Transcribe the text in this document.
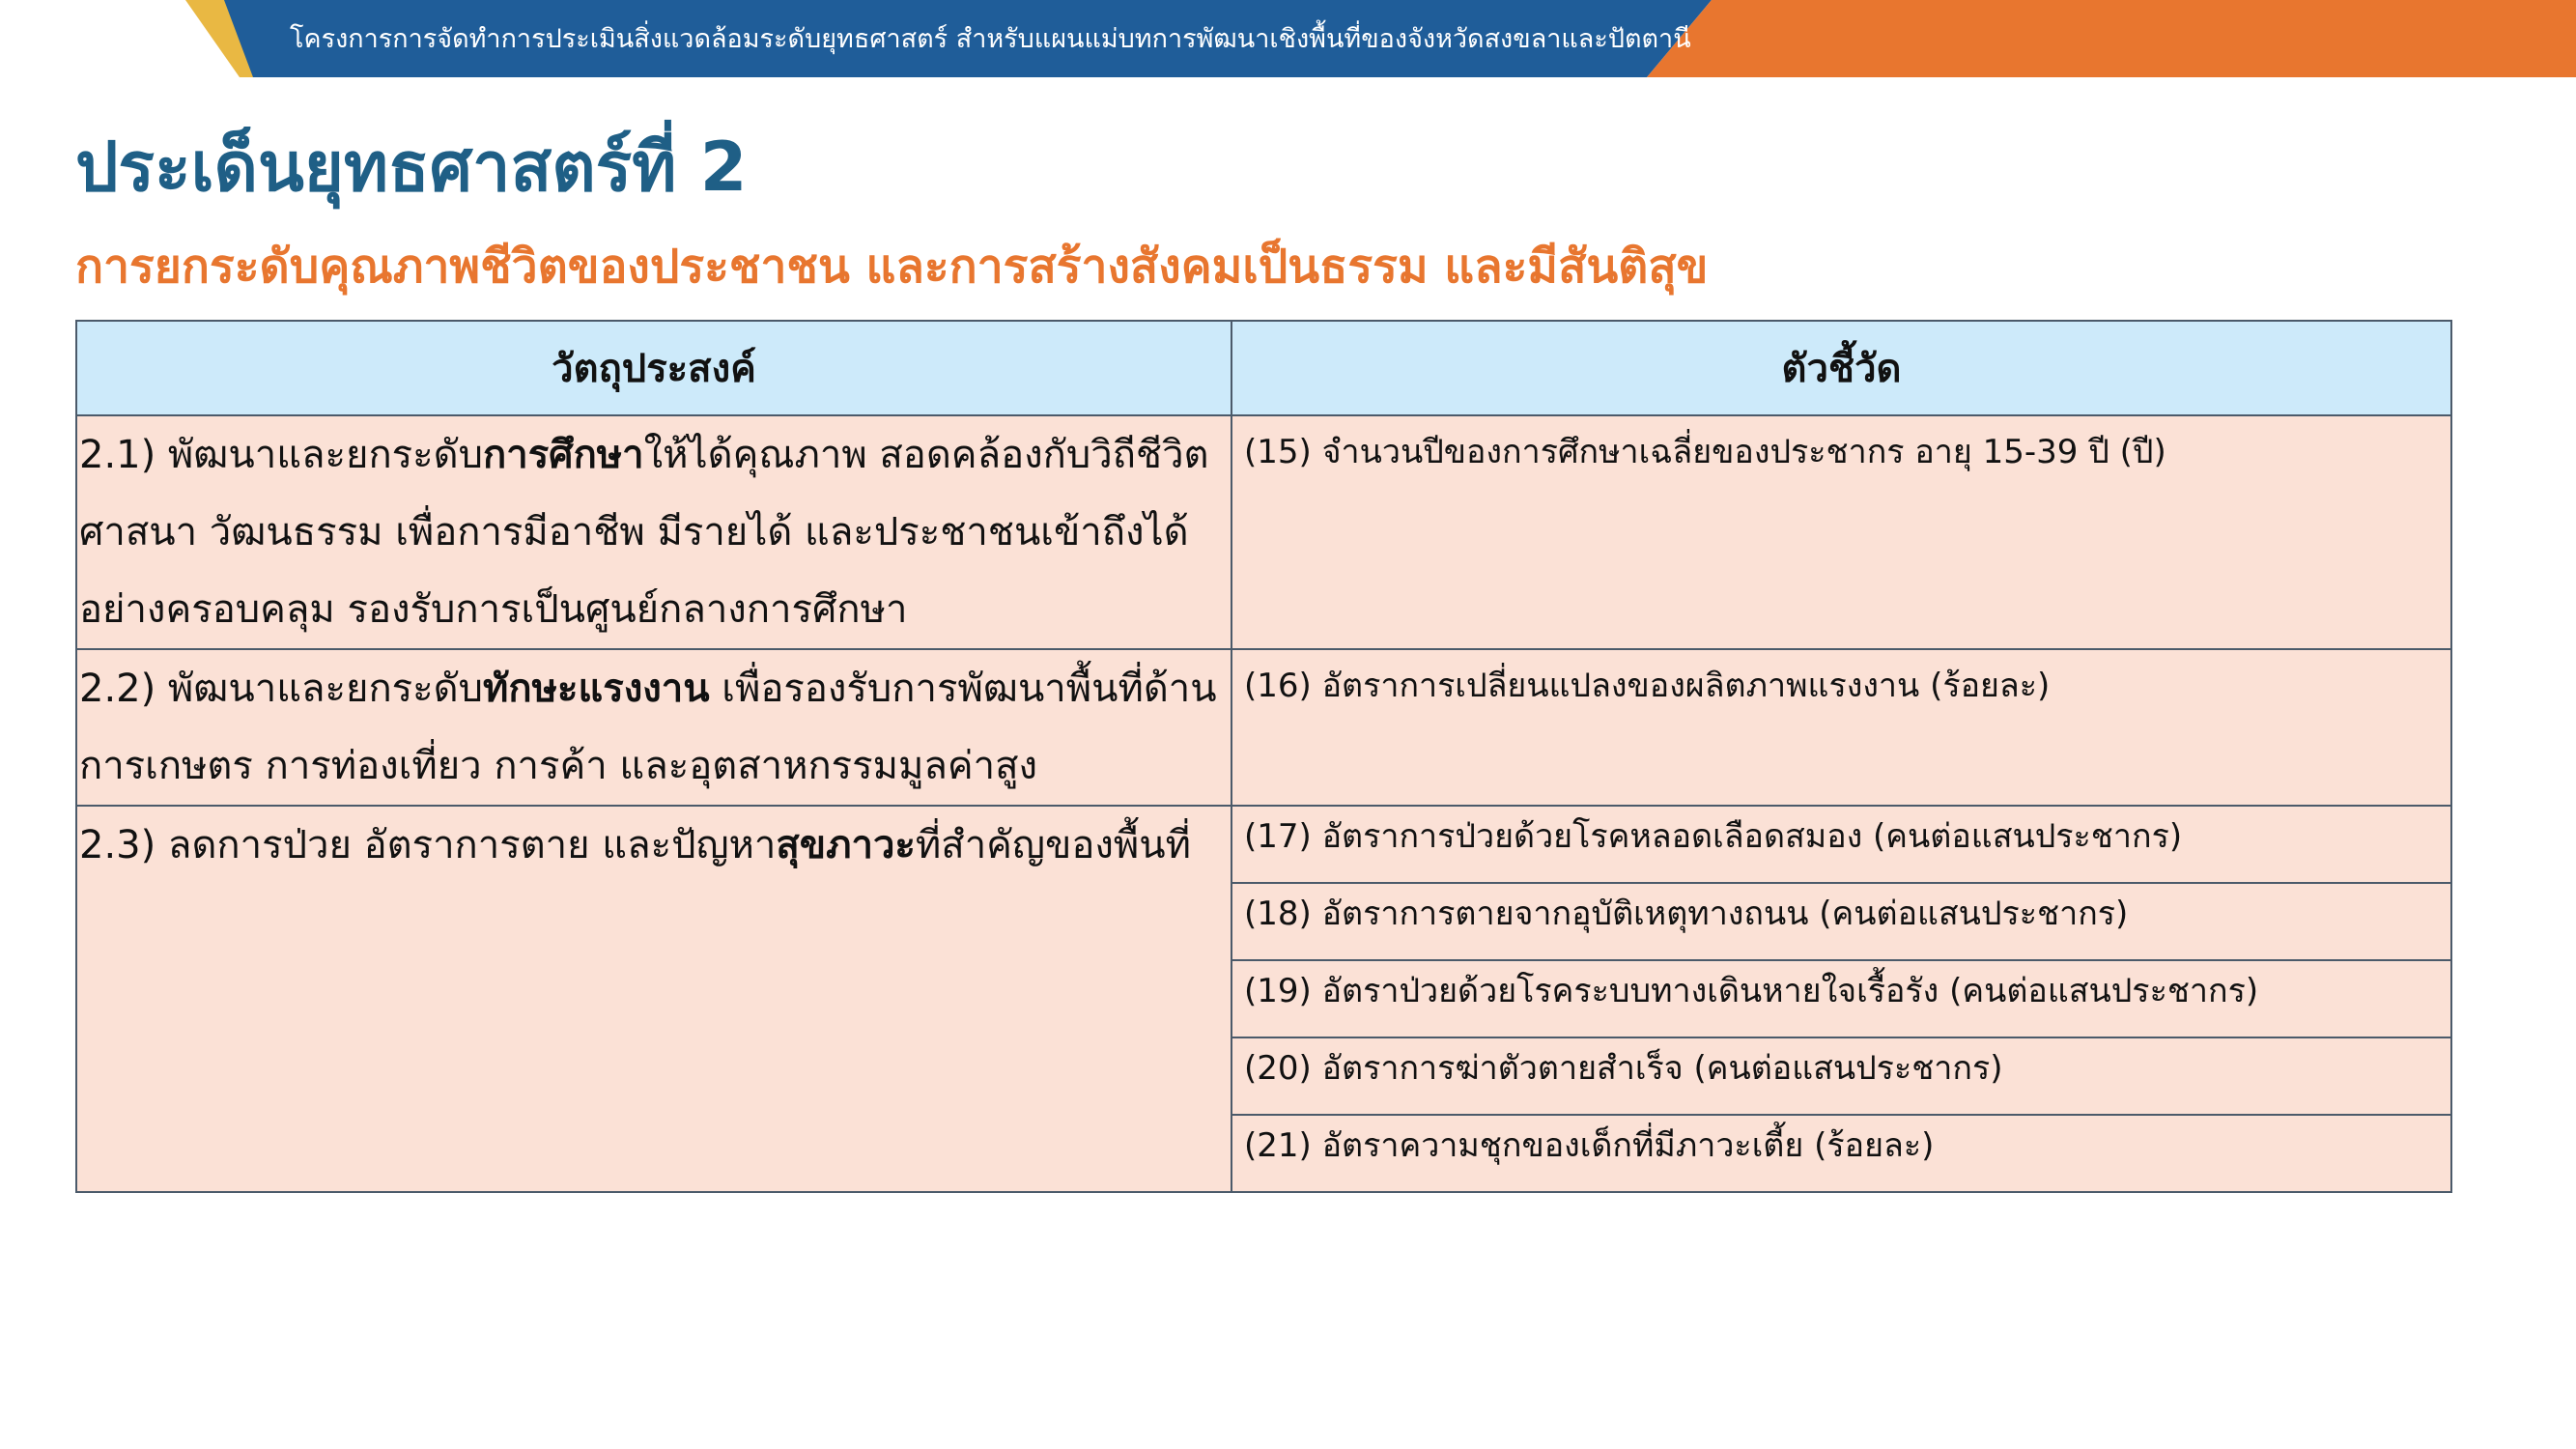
โครงการการจัดทำการประเมินสิ่งแวดล้อมระดับยุทธศาสตร์ สำหรับแผนแม่บทการพัฒนาเชิงพื้นที่ของจังหวัดสงขลาและปัตตานี
ประเด็นยุทธศาสตร์ที่ 2
การยกระดับคุณภาพชีวิตของประชาชน และการสร้างสังคมเป็นธรรม และมีสันติสุข
วัตถุประสงค์	ตัวชี้วัด
2.1) พัฒนาและยกระดับการศึกษาให้ได้คุณภาพ สอดคล้องกับวิถีชีวิต ศาสนา วัฒนธรรม เพื่อการมีอาชีพ มีรายได้ และประชาชนเข้าถึงได้อย่างครอบคลุม รองรับการเป็นศูนย์กลางการศึกษา	(15) จำนวนปีของการศึกษาเฉลี่ยของประชากร อายุ 15-39 ปี (ปี)
2.2) พัฒนาและยกระดับทักษะแรงงาน เพื่อรองรับการพัฒนาพื้นที่ด้านการเกษตร การท่องเที่ยว การค้า และอุตสาหกรรมมูลค่าสูง	(16) อัตราการเปลี่ยนแปลงของผลิตภาพแรงงาน (ร้อยละ)
2.3) ลดการป่วย อัตราการตาย และปัญหาสุขภาวะที่สำคัญของพื้นที่	(17) อัตราการป่วยด้วยโรคหลอดเลือดสมอง (คนต่อแสนประชากร)
	(18) อัตราการตายจากอุบัติเหตุทางถนน (คนต่อแสนประชากร)
	(19) อัตราป่วยด้วยโรคระบบทางเดินหายใจเรื้อรัง (คนต่อแสนประชากร)
	(20) อัตราการฆ่าตัวตายสำเร็จ (คนต่อแสนประชากร)
	(21) อัตราความชุกของเด็กที่มีภาวะเตี้ย (ร้อยละ)
